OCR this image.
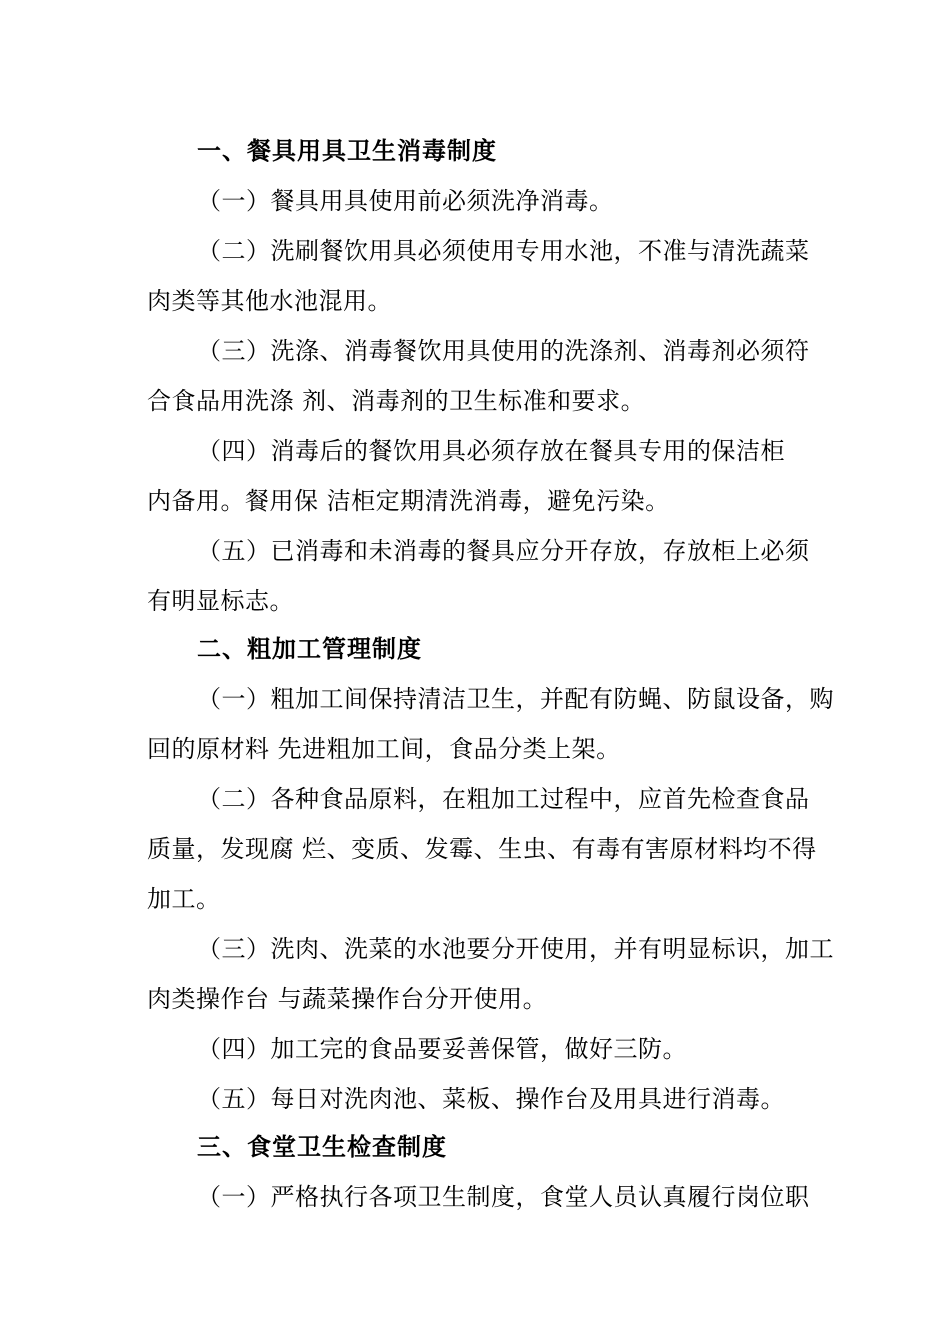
一、餐具用具卫生消毒制度
（一）餐具用具使用前必须洗净消毒。
（二）洗刷餐饮用具必须使用专用水池，不准与清洗蔬菜
肉类等其他水池混用。
（三）洗涤、消毒餐饮用具使用的洗涤剂、消毒剂必须符
合食品用洗涤 剂、消毒剂的卫生标准和要求。
（四）消毒后的餐饮用具必须存放在餐具专用的保洁柜
内备用。餐用保 洁柜定期清洗消毒，避免污染。
（五）已消毒和未消毒的餐具应分开存放，存放柜上必须
有明显标志。
二、粗加工管理制度
（一）粗加工间保持清洁卫生，并配有防蝇、防鼠设备，购
回的原材料 先进粗加工间，食品分类上架。
（二）各种食品原料，在粗加工过程中，应首先检查食品
质量，发现腐 烂、变质、发霉、生虫、有毒有害原材料均不得
加工。
（三）洗肉、洗菜的水池要分开使用，并有明显标识，加工
肉类操作台 与蔬菜操作台分开使用。
（四）加工完的食品要妥善保管，做好三防。
（五）每日对洗肉池、菜板、操作台及用具进行消毒。
三、食堂卫生检查制度
（一）严格执行各项卫生制度，食堂人员认真履行岗位职
